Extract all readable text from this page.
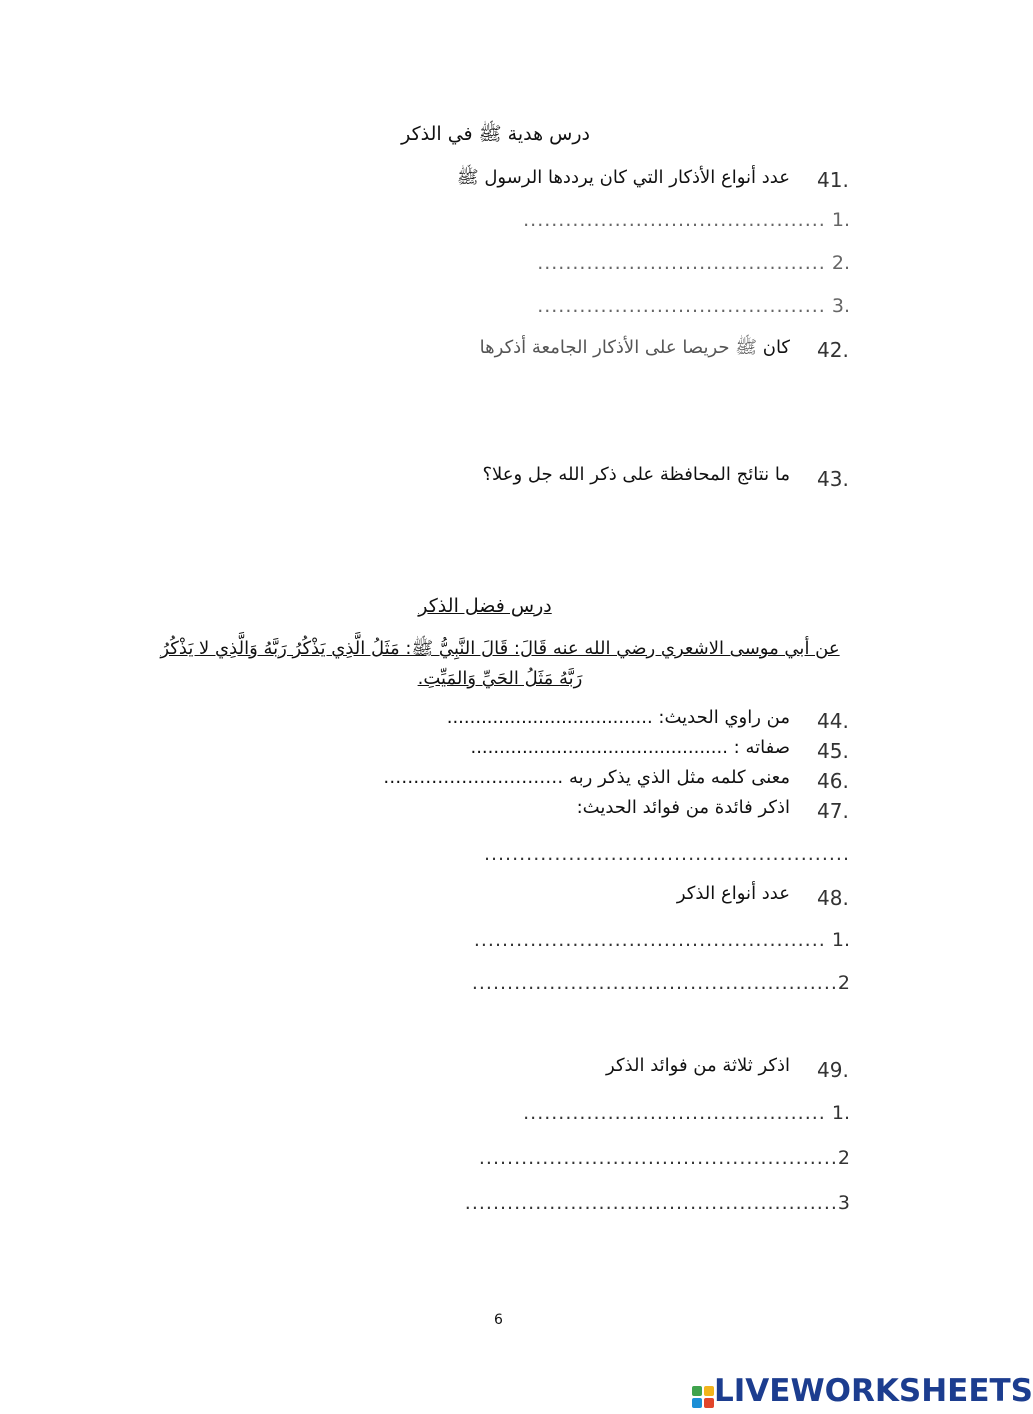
درس هدية ﷺ في الذكر
41.
عدد أنواع الأذكار التي كان يرددها الرسول ﷺ
........................................... 1.
......................................... 2.
......................................... 3.
42.
كان ﷺ حريصا على الأذكار الجامعة أذكرها
43.
ما نتائج المحافظة على ذكر الله جل وعلا؟
درس فضل الذكر
عن أبي موسى الاشعري رضي الله عنه قَالَ: قَالَ النَّبِيُّ ﷺ: مَثَلُ الَّذِي يَذْكُرُ رَبَّهُ وَالَّذِي لا يَذْكُرُ
رَبَّهُ مَثَلُ الحَيِّ وَالمَيِّتِ.
44.
من راوي الحديث: ....................................
45.
صفاته : .............................................
46.
معنى كلمه مثل الذي يذكر ربه …………………………
47.
اذكر فائدة من فوائد الحديث:
....................................................
48.
عدد أنواع الذكر
.................................................. 1.
....................................................2
49.
اذكر ثلاثة من فوائد الذكر
........................................... 1.
...................................................2
.....................................................3
6
LIVEWORKSHEETS
